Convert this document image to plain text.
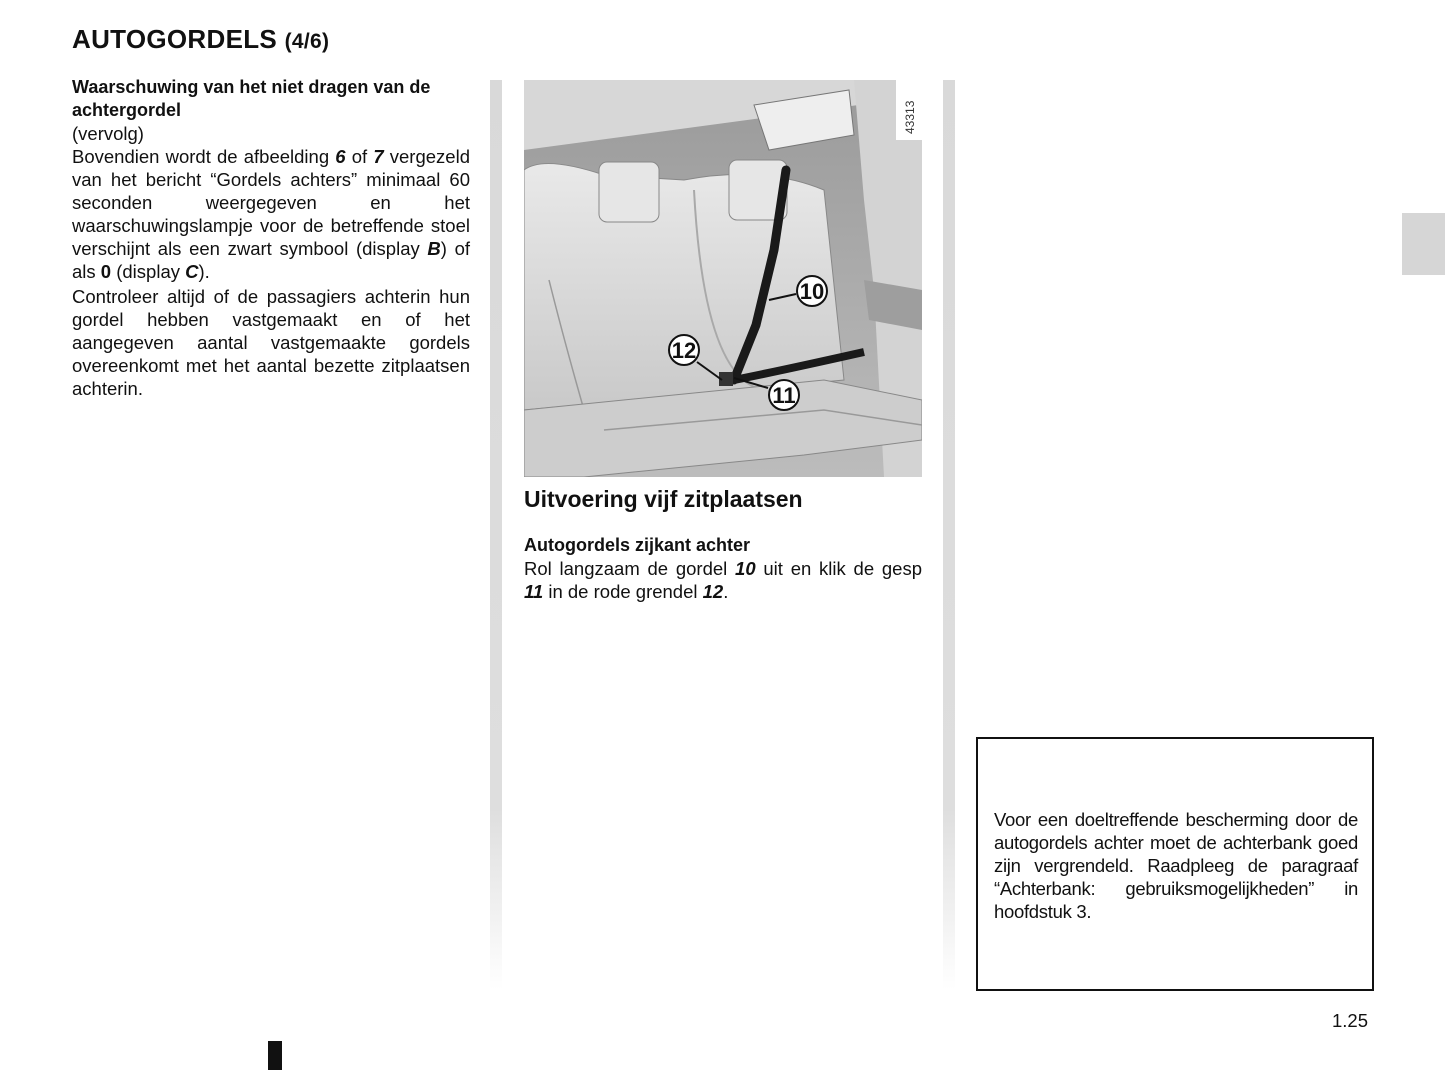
AUTOGORDELS (4/6)

Waarschuwing van het niet dragen van de achtergordel

(vervolg)

Bovendien wordt de afbeelding 6 of 7 vergezeld van het bericht “Gordels achters” minimaal 60 seconden weergegeven en het waarschuwingslampje voor de betreffende stoel verschijnt als een zwart symbool (display B) of als 0 (display C).

Controleer altijd of de passagiers achterin hun gordel hebben vastgemaakt en of het aangegeven aantal vastgemaakte gordels overeenkomt met het aantal bezette zitplaatsen achterin.

10
12
11
43313

Uitvoering vijf zitplaatsen

Autogordels zijkant achter

Rol langzaam de gordel 10 uit en klik de gesp 11 in de rode grendel 12.

Voor een doeltreffende bescherming door de autogordels achter moet de achterbank goed zijn vergrendeld. Raadpleeg de paragraaf “Achterbank: gebruiksmogelijkheden” in hoofdstuk 3.
1.25
